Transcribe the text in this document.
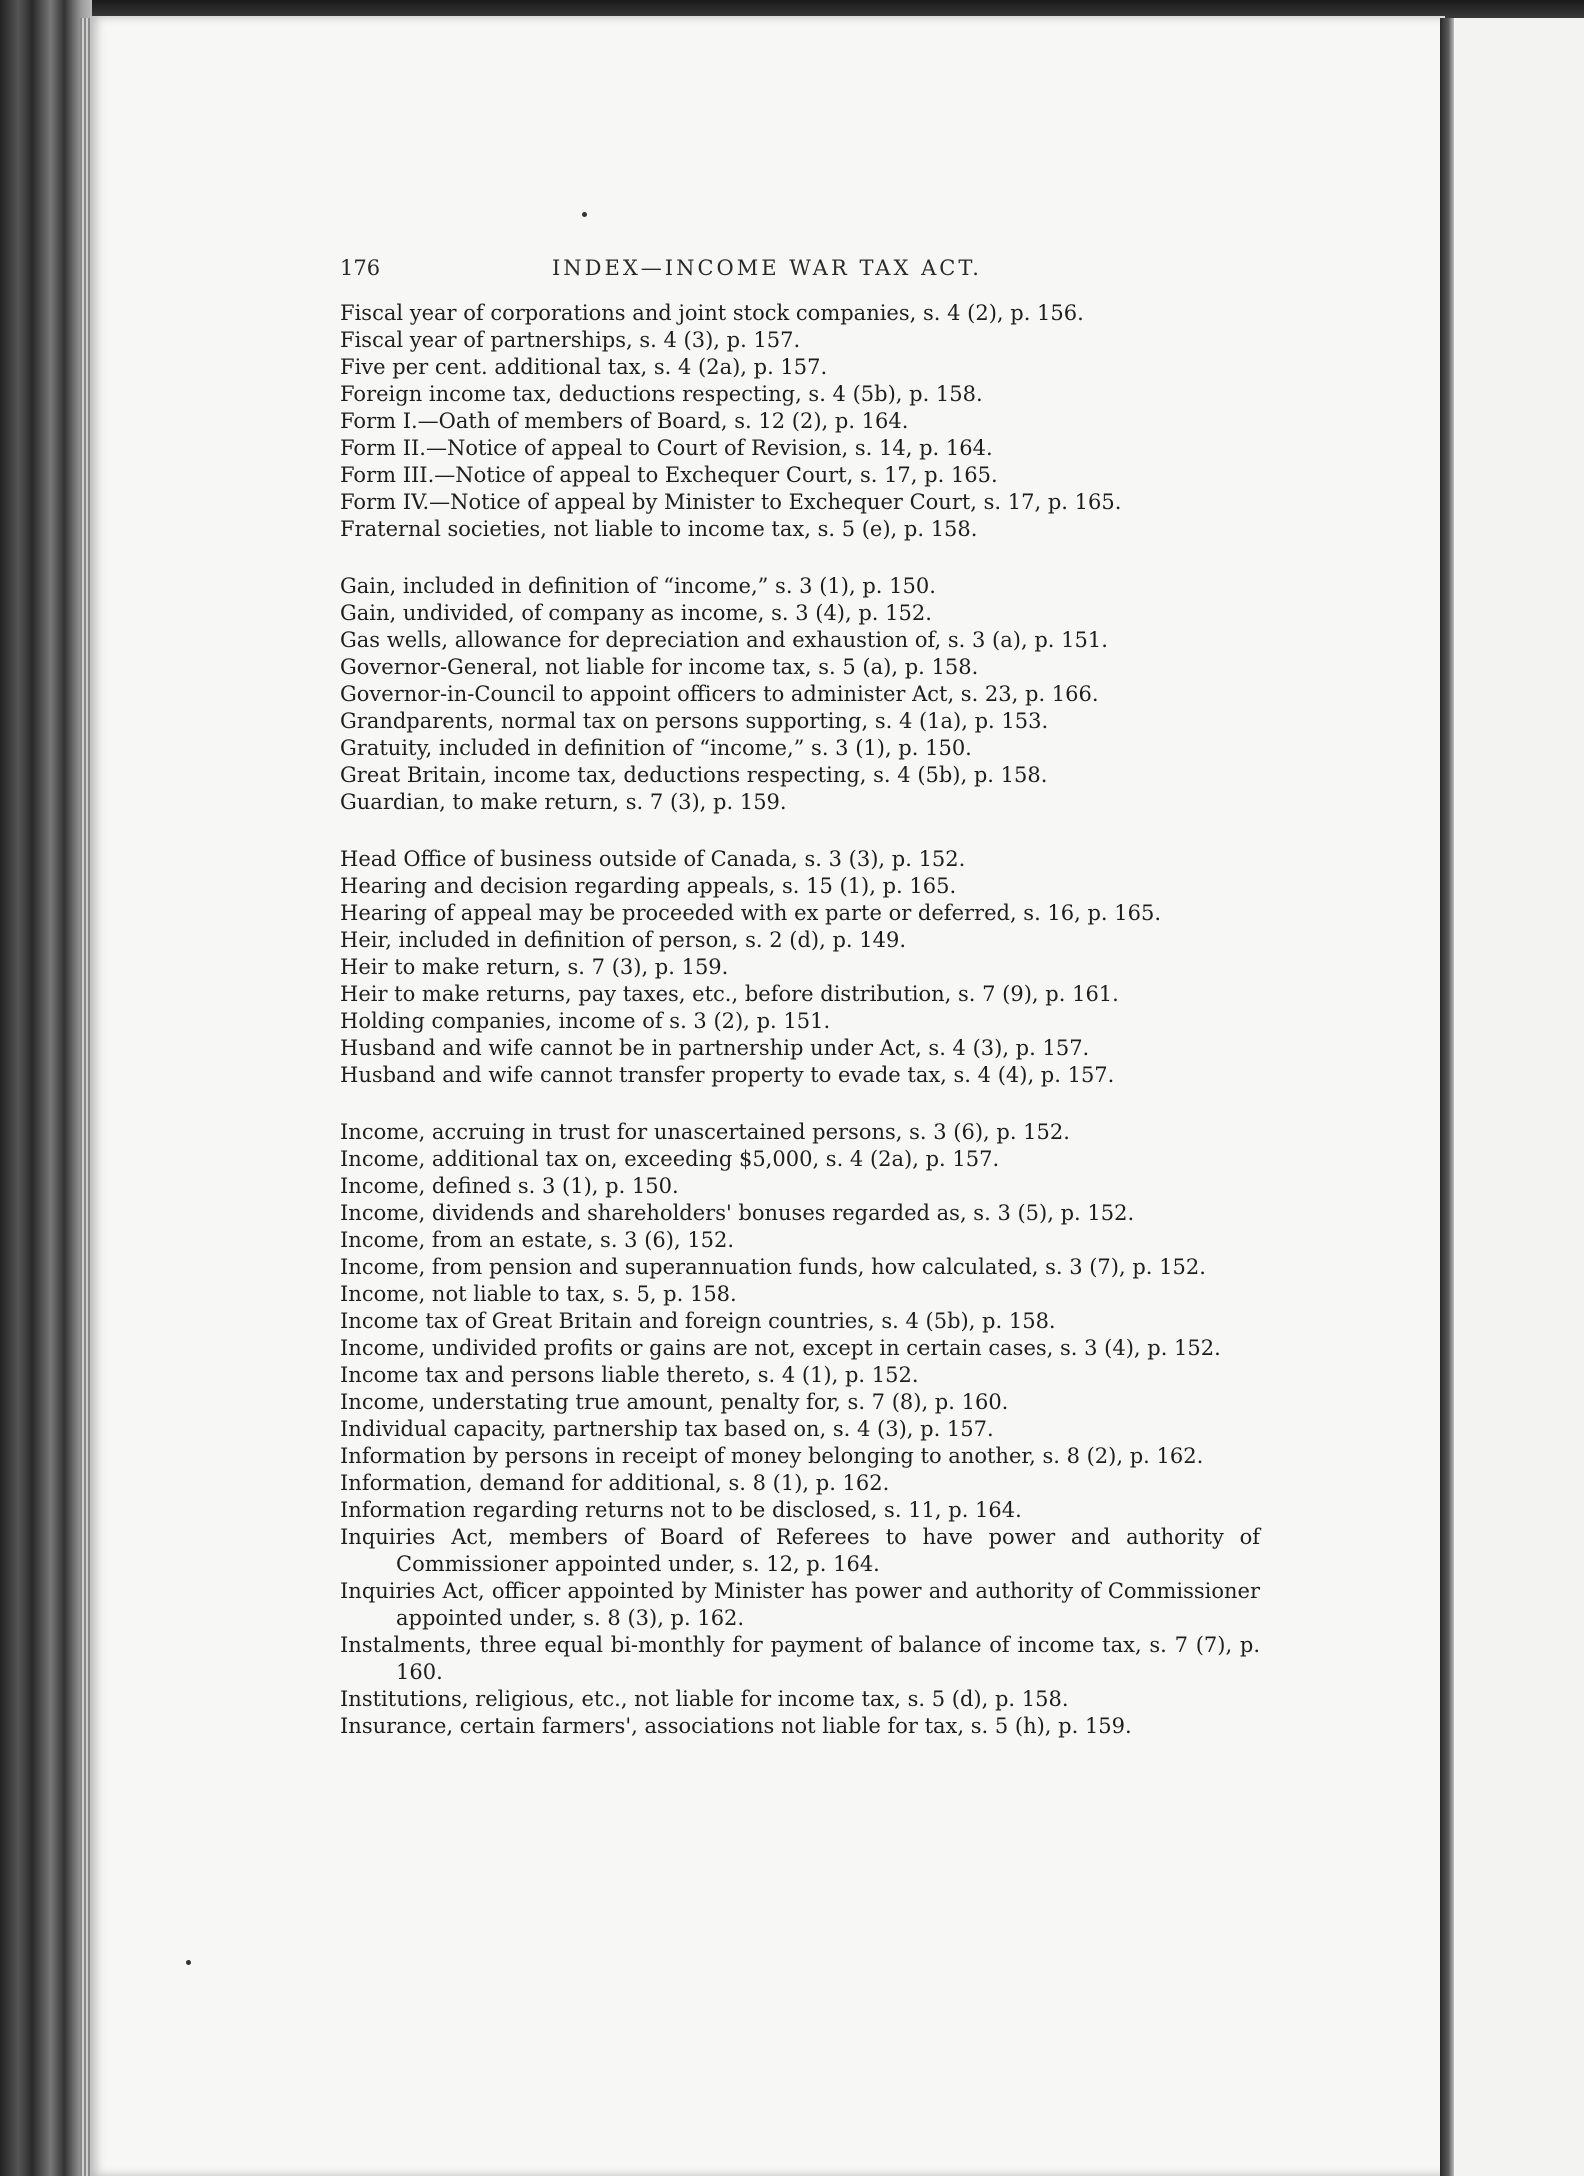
176	INDEX—INCOME WAR TAX ACT.
Fiscal year of corporations and joint stock companies, s. 4 (2), p. 156.
Fiscal year of partnerships, s. 4 (3), p. 157.
Five per cent. additional tax, s. 4 (2a), p. 157.
Foreign income tax, deductions respecting, s. 4 (5b), p. 158.
Form I.—Oath of members of Board, s. 12 (2), p. 164.
Form II.—Notice of appeal to Court of Revision, s. 14, p. 164.
Form III.—Notice of appeal to Exchequer Court, s. 17, p. 165.
Form IV.—Notice of appeal by Minister to Exchequer Court, s. 17, p. 165.
Fraternal societies, not liable to income tax, s. 5 (e), p. 158.
Gain, included in definition of “income,” s. 3 (1), p. 150.
Gain, undivided, of company as income, s. 3 (4), p. 152.
Gas wells, allowance for depreciation and exhaustion of, s. 3 (a), p. 151.
Governor-General, not liable for income tax, s. 5 (a), p. 158.
Governor-in-Council to appoint officers to administer Act, s. 23, p. 166.
Grandparents, normal tax on persons supporting, s. 4 (1a), p. 153.
Gratuity, included in definition of “income,” s. 3 (1), p. 150.
Great Britain, income tax, deductions respecting, s. 4 (5b), p. 158.
Guardian, to make return, s. 7 (3), p. 159.
Head Office of business outside of Canada, s. 3 (3), p. 152.
Hearing and decision regarding appeals, s. 15 (1), p. 165.
Hearing of appeal may be proceeded with ex parte or deferred, s. 16, p. 165.
Heir, included in definition of person, s. 2 (d), p. 149.
Heir to make return, s. 7 (3), p. 159.
Heir to make returns, pay taxes, etc., before distribution, s. 7 (9), p. 161.
Holding companies, income of s. 3 (2), p. 151.
Husband and wife cannot be in partnership under Act, s. 4 (3), p. 157.
Husband and wife cannot transfer property to evade tax, s. 4 (4), p. 157.
Income, accruing in trust for unascertained persons, s. 3 (6), p. 152.
Income, additional tax on, exceeding $5,000, s. 4 (2a), p. 157.
Income, defined s. 3 (1), p. 150.
Income, dividends and shareholders' bonuses regarded as, s. 3 (5), p. 152.
Income, from an estate, s. 3 (6), 152.
Income, from pension and superannuation funds, how calculated, s. 3 (7), p. 152.
Income, not liable to tax, s. 5, p. 158.
Income tax of Great Britain and foreign countries, s. 4 (5b), p. 158.
Income, undivided profits or gains are not, except in certain cases, s. 3 (4), p. 152.
Income tax and persons liable thereto, s. 4 (1), p. 152.
Income, understating true amount, penalty for, s. 7 (8), p. 160.
Individual capacity, partnership tax based on, s. 4 (3), p. 157.
Information by persons in receipt of money belonging to another, s. 8 (2), p. 162.
Information, demand for additional, s. 8 (1), p. 162.
Information regarding returns not to be disclosed, s. 11, p. 164.
Inquiries Act, members of Board of Referees to have power and authority of Commissioner appointed under, s. 12, p. 164.
Inquiries Act, officer appointed by Minister has power and authority of Commissioner appointed under, s. 8 (3), p. 162.
Instalments, three equal bi-monthly for payment of balance of income tax, s. 7 (7), p. 160.
Institutions, religious, etc., not liable for income tax, s. 5 (d), p. 158.
Insurance, certain farmers', associations not liable for tax, s. 5 (h), p. 159.
